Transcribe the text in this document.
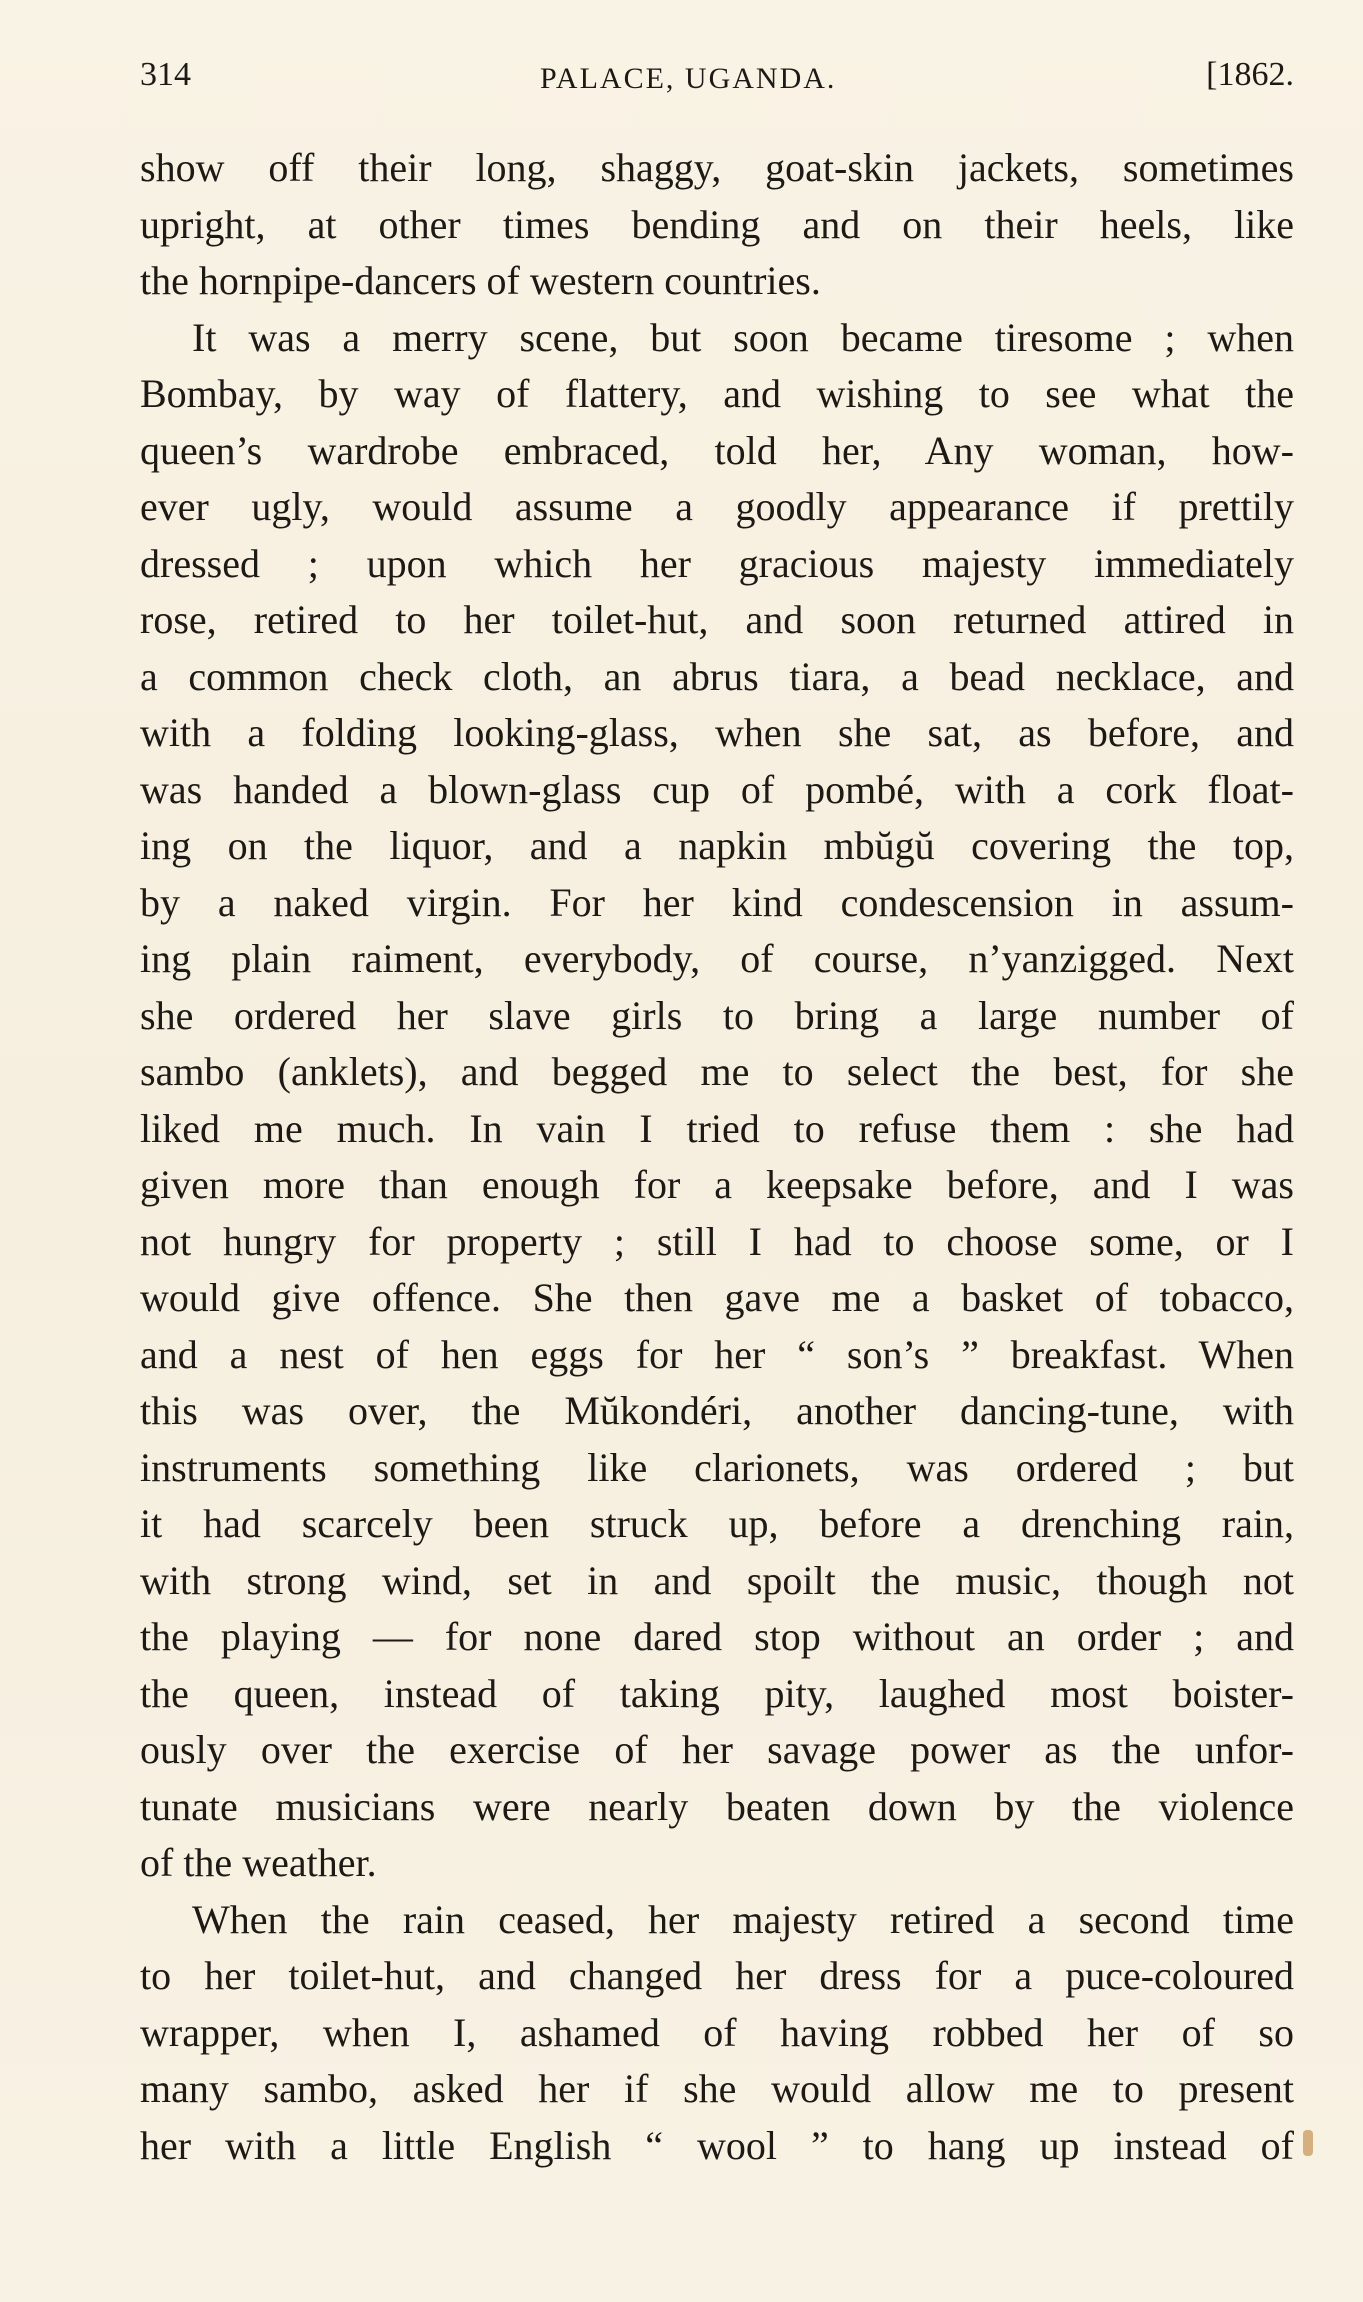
314	PALACE, UGANDA.	[1862.
show off their long, shaggy, goat-skin jackets, sometimes
upright, at other times bending and on their heels, like
the hornpipe-dancers of western countries.
It was a merry scene, but soon became tiresome ; when
Bombay, by way of flattery, and wishing to see what the
queen’s wardrobe embraced, told her, Any woman, how-
ever ugly, would assume a goodly appearance if prettily
dressed ; upon which her gracious majesty immediately
rose, retired to her toilet-hut, and soon returned attired in
a common check cloth, an abrus tiara, a bead necklace, and
with a folding looking-glass, when she sat, as before, and
was handed a blown-glass cup of pombé, with a cork float-
ing on the liquor, and a napkin mbŭgŭ covering the top,
by a naked virgin. For her kind condescension in assum-
ing plain raiment, everybody, of course, n’yanzigged. Next
she ordered her slave girls to bring a large number of
sambo (anklets), and begged me to select the best, for she
liked me much. In vain I tried to refuse them : she had
given more than enough for a keepsake before, and I was
not hungry for property ; still I had to choose some, or I
would give offence. She then gave me a basket of tobacco,
and a nest of hen eggs for her “ son’s ” breakfast. When
this was over, the Mŭkondéri, another dancing-tune, with
instruments something like clarionets, was ordered ; but
it had scarcely been struck up, before a drenching rain,
with strong wind, set in and spoilt the music, though not
the playing — for none dared stop without an order ; and
the queen, instead of taking pity, laughed most boister-
ously over the exercise of her savage power as the unfor-
tunate musicians were nearly beaten down by the violence
of the weather.
When the rain ceased, her majesty retired a second time
to her toilet-hut, and changed her dress for a puce-coloured
wrapper, when I, ashamed of having robbed her of so
many sambo, asked her if she would allow me to present
her with a little English “ wool ” to hang up instead of
